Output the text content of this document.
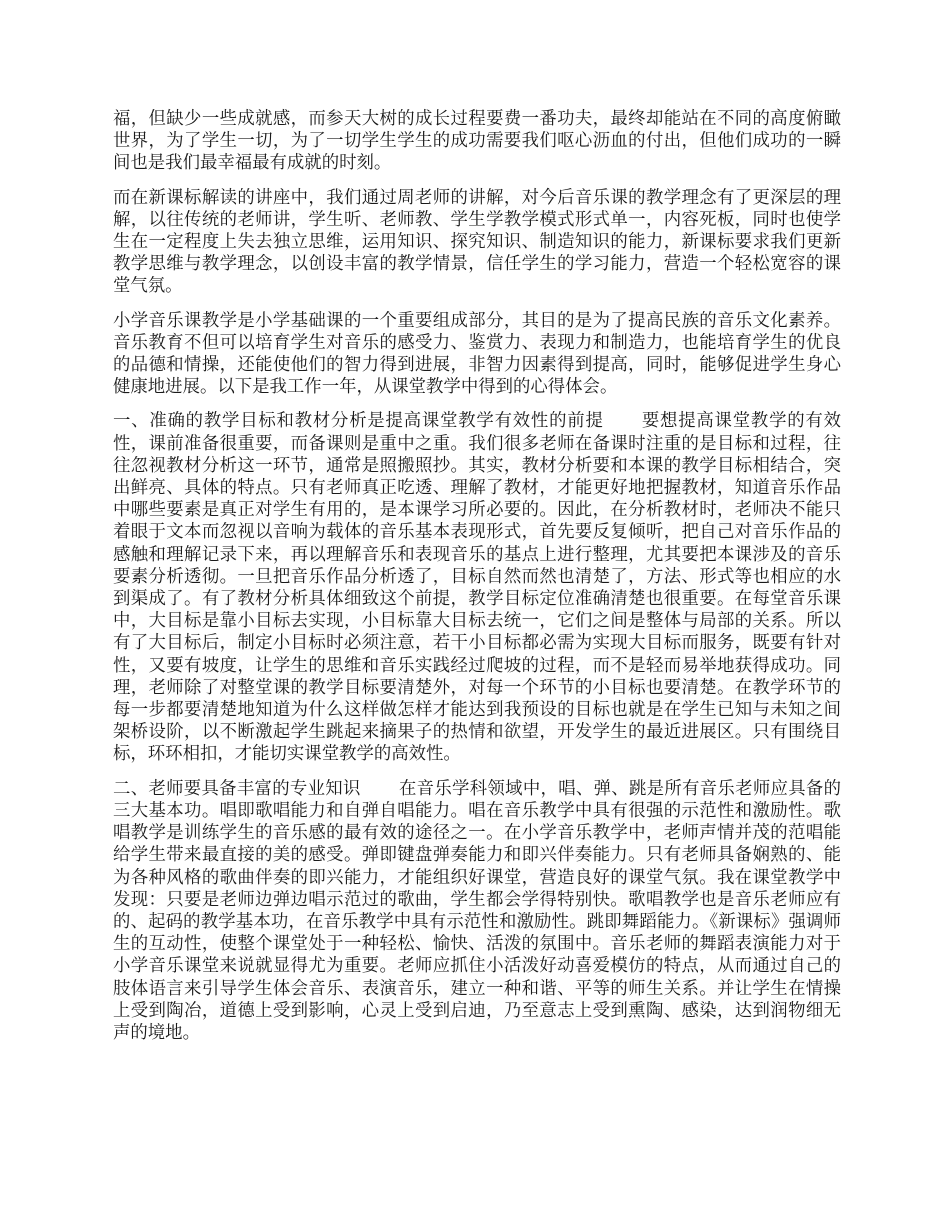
福，但缺少一些成就感，而参天大树的成长过程要费一番功夫，最终却能站在不同的高度俯瞰世界，为了学生一切，为了一切学生学生的成功需要我们呕心沥血的付出，但他们成功的一瞬间也是我们最幸福最有成就的时刻。

而在新课标解读的讲座中，我们通过周老师的讲解，对今后音乐课的教学理念有了更深层的理解，以往传统的老师讲，学生听、老师教、学生学教学模式形式单一，内容死板，同时也使学生在一定程度上失去独立思维，运用知识、探究知识、制造知识的能力，新课标要求我们更新教学思维与教学理念，以创设丰富的教学情景，信任学生的学习能力，营造一个轻松宽容的课堂气氛。

小学音乐课教学是小学基础课的一个重要组成部分，其目的是为了提高民族的音乐文化素养。音乐教育不但可以培育学生对音乐的感受力、鉴赏力、表现力和制造力，也能培育学生的优良的品德和情操，还能使他们的智力得到进展，非智力因素得到提高，同时，能够促进学生身心健康地进展。以下是我工作一年，从课堂教学中得到的心得体会。

一、准确的教学目标和教材分析是提高课堂教学有效性的前提 要想提高课堂教学的有效性，课前准备很重要，而备课则是重中之重。我们很多老师在备课时注重的是目标和过程，往往忽视教材分析这一环节，通常是照搬照抄。其实，教材分析要和本课的教学目标相结合，突出鲜亮、具体的特点。只有老师真正吃透、理解了教材，才能更好地把握教材，知道音乐作品中哪些要素是真正对学生有用的，是本课学习所必要的。因此，在分析教材时，老师决不能只着眼于文本而忽视以音响为载体的音乐基本表现形式，首先要反复倾听，把自己对音乐作品的感触和理解记录下来，再以理解音乐和表现音乐的基点上进行整理，尤其要把本课涉及的音乐要素分析透彻。一旦把音乐作品分析透了，目标自然而然也清楚了，方法、形式等也相应的水到渠成了。有了教材分析具体细致这个前提，教学目标定位准确清楚也很重要。在每堂音乐课中，大目标是靠小目标去实现，小目标靠大目标去统一，它们之间是整体与局部的关系。所以有了大目标后，制定小目标时必须注意，若干小目标都必需为实现大目标而服务，既要有针对性，又要有坡度，让学生的思维和音乐实践经过爬坡的过程，而不是轻而易举地获得成功。同理，老师除了对整堂课的教学目标要清楚外，对每一个环节的小目标也要清楚。在教学环节的每一步都要清楚地知道为什么这样做怎样才能达到我预设的目标也就是在学生已知与未知之间架桥设阶，以不断激起学生跳起来摘果子的热情和欲望，开发学生的最近进展区。只有围绕目标，环环相扣，才能切实课堂教学的高效性。

二、老师要具备丰富的专业知识 在音乐学科领域中，唱、弹、跳是所有音乐老师应具备的三大基本功。唱即歌唱能力和自弹自唱能力。唱在音乐教学中具有很强的示范性和激励性。歌唱教学是训练学生的音乐感的最有效的途径之一。在小学音乐教学中，老师声情并茂的范唱能给学生带来最直接的美的感受。弹即键盘弹奏能力和即兴伴奏能力。只有老师具备娴熟的、能为各种风格的歌曲伴奏的即兴能力，才能组织好课堂，营造良好的课堂气氛。我在课堂教学中发现：只要是老师边弹边唱示范过的歌曲，学生都会学得特别快。歌唱教学也是音乐老师应有的、起码的教学基本功，在音乐教学中具有示范性和激励性。跳即舞蹈能力。《新课标》强调师生的互动性，使整个课堂处于一种轻松、愉快、活泼的氛围中。音乐老师的舞蹈表演能力对于小学音乐课堂来说就显得尤为重要。老师应抓住小活泼好动喜爱模仿的特点，从而通过自己的肢体语言来引导学生体会音乐、表演音乐，建立一种和谐、平等的师生关系。并让学生在情操上受到陶冶，道德上受到影响，心灵上受到启迪，乃至意志上受到熏陶、感染，达到润物细无声的境地。
